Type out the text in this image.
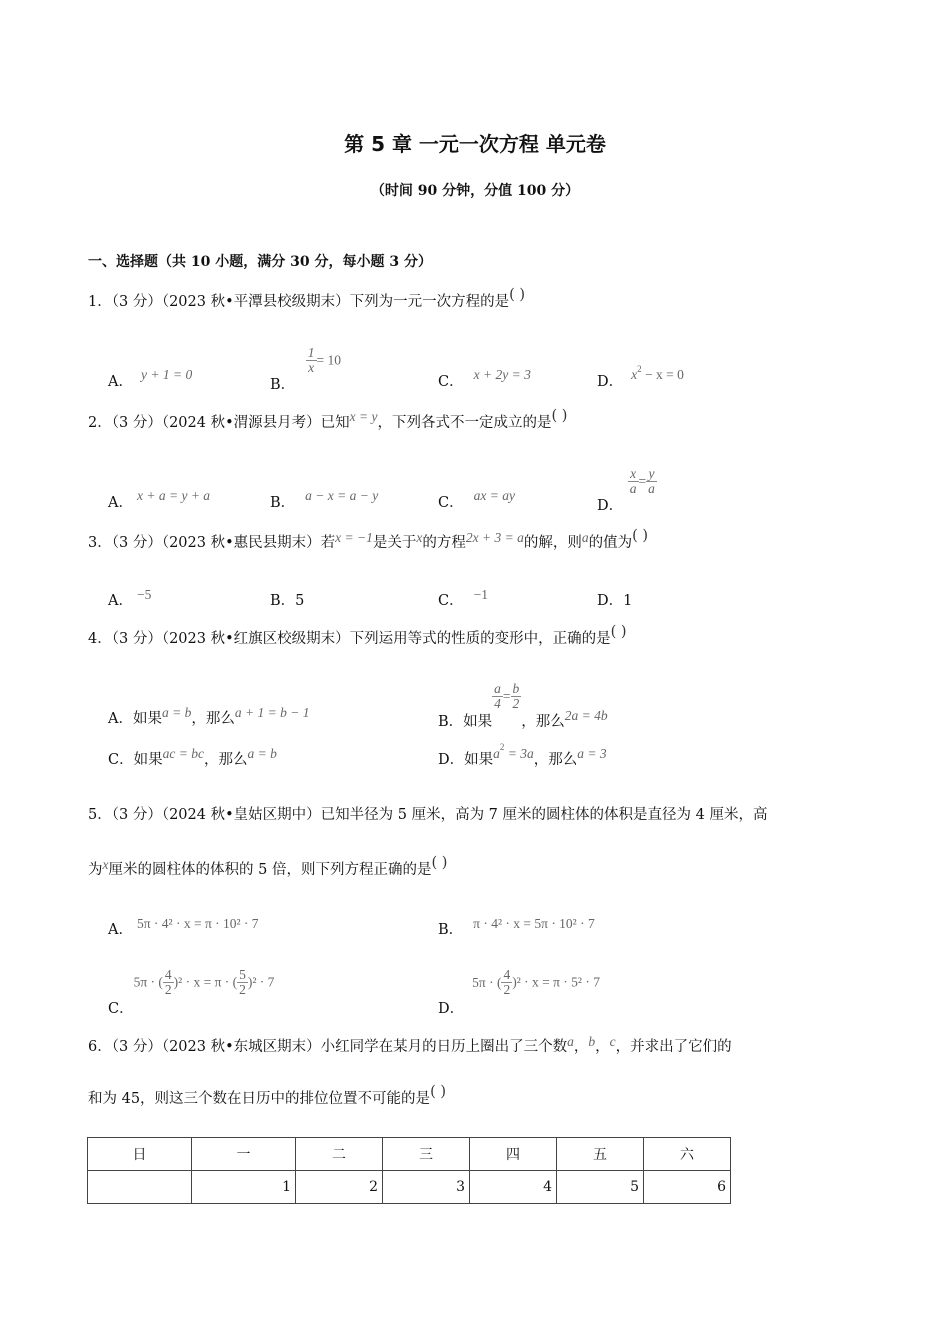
第 5 章 一元一次方程 单元卷
（时间 90 分钟，分值 100 分）
一、选择题（共 10 小题，满分 30 分，每小题 3 分）
1．（3 分）（2023 秋•平潭县校级期末）下列为一元一次方程的是( )
A． y + 1 = 0
B．
$\frac{1}{x} = 10$
C． x + 2y = 3	D． $x^2 - x = 0$
2．（3 分）（2024 秋•渭源县月考）已知x = y，下列各式不一定成立的是( )
A． x + a = y + a	B． a − x = a − y	C． ax = ay
D．
$\frac{x}{a} = \frac{y}{a}$
3．（3 分）（2023 秋•惠民县期末）若x = −1是关于x的方程2x + 3 = a的解，则a的值为( )
A． −5	B．5	C． −1	D．1
4．（3 分）（2023 秋•红旗区校级期末）下列运用等式的性质的变形中，正确的是( )
A．如果a = b，那么a + 1 = b − 1
B．如果
$\frac{a}{4} = \frac{b}{2}$
，那么2a = 4b
C．如果ac = bc，那么a = b	D．如果$a^2 = 3a$，那么a = 3
5．（3 分）（2024 秋•皇姑区期中）已知半径为 5 厘米，高为 7 厘米的圆柱体的体积是直径为 4 厘米，高
为x厘米的圆柱体的体积的 5 倍，则下列方程正确的是( )
A． 5π · 4² · x = π · 10² · 7	B． π · 4² · x = 5π · 10² · 7
C．5π · ( $\frac{4}{2} )^2 \cdot x = \pi$ · ( $\frac{5}{2} )^2 \cdot 7$
D．5π · ( $\frac{4}{2} )^2 \cdot x = \pi \cdot 5^2 \cdot 7$
6．（3 分）（2023 秋•东城区期末）小红同学在某月的日历上圈出了三个数a，b，c，并求出了它们的
和为 45，则这三个数在日历中的排位位置不可能的是( )
日	一	二	三	四	五	六
	1	2	3	4	5	6
